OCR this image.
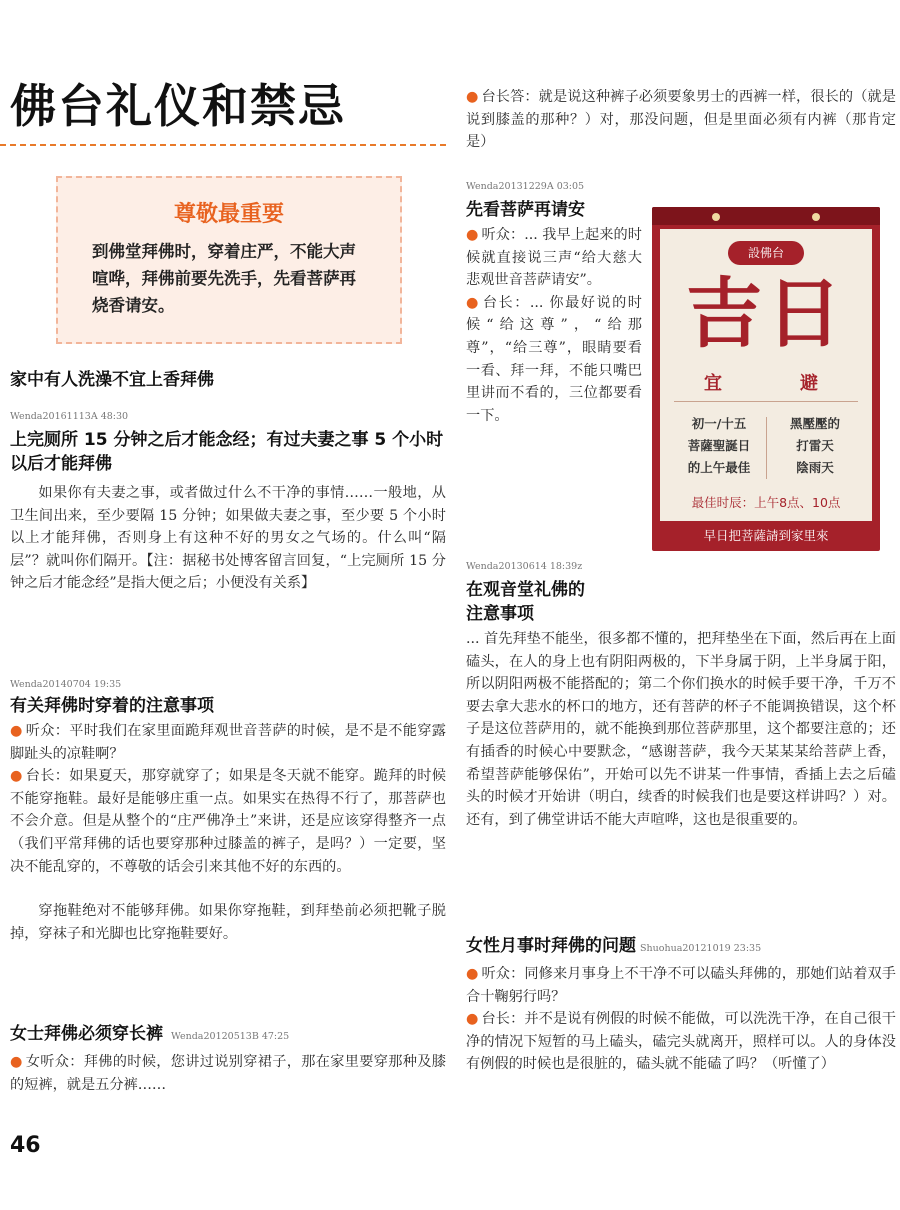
佛台礼仪和禁忌
尊敬最重要
到佛堂拜佛时，穿着庄严，不能大声喧哗，拜佛前要先洗手，先看菩萨再烧香请安。
家中有人洗澡不宜上香拜佛
Wenda20161113A 48:30
上完厕所 15 分钟之后才能念经；有过夫妻之事 5 个小时以后才能拜佛

如果你有夫妻之事，或者做过什么不干净的事情……一般地，从卫生间出来，至少要隔 15 分钟；如果做夫妻之事，至少要 5 个小时以上才能拜佛，否则身上有这种不好的男女之气场的。什么叫“隔层”？就叫你们隔开。【注：据秘书处博客留言回复，“上完厕所 15 分钟之后才能念经”是指大便之后；小便没有关系】

Wenda20140704 19:35
有关拜佛时穿着的注意事项

● 听众：平时我们在家里面跪拜观世音菩萨的时候，是不是不能穿露脚趾头的凉鞋啊？

● 台长：如果夏天，那穿就穿了；如果是冬天就不能穿。跪拜的时候不能穿拖鞋。最好是能够庄重一点。如果实在热得不行了，那菩萨也不会介意。但是从整个的“庄严佛净土”来讲，还是应该穿得整齐一点（我们平常拜佛的话也要穿那种过膝盖的裤子，是吗？）一定要，坚决不能乱穿的，不尊敬的话会引来其他不好的东西的。

穿拖鞋绝对不能够拜佛。如果你穿拖鞋，到拜垫前必须把靴子脱掉，穿袜子和光脚也比穿拖鞋要好。

女士拜佛必须穿长裤 Wenda20120513B 47:25

● 女听众：拜佛的时候，您讲过说别穿裙子，那在家里要穿那种及膝的短裤，就是五分裤……

● 台长答：就是说这种裤子必须要象男士的西裤一样，很长的（就是说到膝盖的那种？）对，那没问题，但是里面必须有内裤（那肯定是）

Wenda20131229A 03:05
先看菩萨再请安

● 听众：... 我早上起来的时候就直接说三声“给大慈大悲观世音菩萨请安”。

● 台长：... 你最好说的时候“给这尊”，“给那尊”，“给三尊”，眼睛要看一看、拜一拜，不能只嘴巴里讲而不看的，三位都要看一下。

Wenda20130614 18:39z
在观音堂礼佛的
注意事项

... 首先拜垫不能坐，很多都不懂的，把拜垫坐在下面，然后再在上面磕头，在人的身上也有阴阳两极的，下半身属于阴，上半身属于阳，所以阴阳两极不能搭配的；第二个你们换水的时候手要干净，千万不要去拿大悲水的杯口的地方，还有菩萨的杯子不能调换错误，这个杯子是这位菩萨用的，就不能换到那位菩萨那里，这个都要注意的；还有插香的时候心中要默念，“感谢菩萨，我今天某某某给菩萨上香，希望菩萨能够保佑”，开始可以先不讲某一件事情，香插上去之后磕头的时候才开始讲（明白，续香的时候我们也是要这样讲吗？）对。还有，到了佛堂讲话不能大声喧哗，这也是很重要的。

女性月事时拜佛的问题 Shuohua20121019 23:35

● 听众：同修来月事身上不干净不可以磕头拜佛的，那她们站着双手合十鞠躬行吗？

● 台长：并不是说有例假的时候不能做，可以洗洗干净，在自己很干净的情况下短暂的马上磕头，磕完头就离开，照样可以。人的身体没有例假的时候也是很脏的，磕头就不能磕了吗？（听懂了）

設佛台
吉日
宜	避
初一/十五
菩薩聖誕日
的上午最佳
黑壓壓的
打雷天
陰雨天
最佳时辰：上午8点、10点
早日把菩薩請到家里來
46
